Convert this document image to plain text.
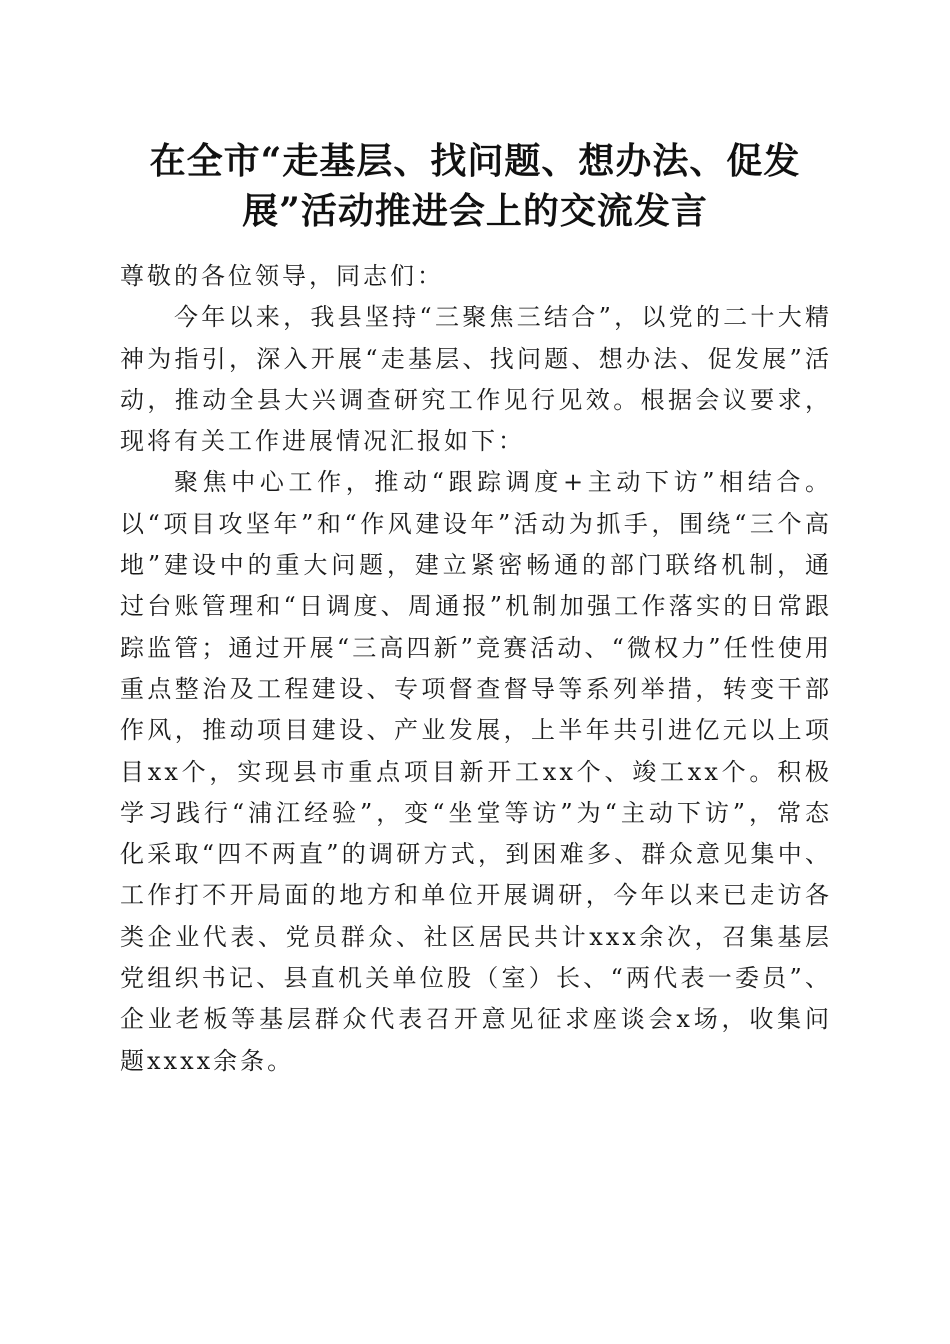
在全市“走基层、找问题、想办法、促发
展”活动推进会上的交流发言

尊敬的各位领导，同志们：

今年以来，我县坚持“三聚焦三结合”，以党的二十大精神为指引，深入开展“走基层、找问题、想办法、促发展”活动，推动全县大兴调查研究工作见行见效。根据会议要求，现将有关工作进展情况汇报如下：

聚焦中心工作，推动“跟踪调度+主动下访”相结合。以“项目攻坚年”和“作风建设年”活动为抓手，围绕“三个高地”建设中的重大问题，建立紧密畅通的部门联络机制，通过台账管理和“日调度、周通报”机制加强工作落实的日常跟踪监管；通过开展“三高四新”竞赛活动、“微权力”任性使用重点整治及工程建设、专项督查督导等系列举措，转变干部作风，推动项目建设、产业发展，上半年共引进亿元以上项目xx个，实现县市重点项目新开工xx个、竣工xx个。积极学习践行“浦江经验”，变“坐堂等访”为“主动下访”，常态化采取“四不两直”的调研方式，到困难多、群众意见集中、工作打不开局面的地方和单位开展调研，今年以来已走访各类企业代表、党员群众、社区居民共计xxx余次，召集基层党组织书记、县直机关单位股（室）长、“两代表一委员”、企业老板等基层群众代表召开意见征求座谈会x场，收集问题xxxx余条。
